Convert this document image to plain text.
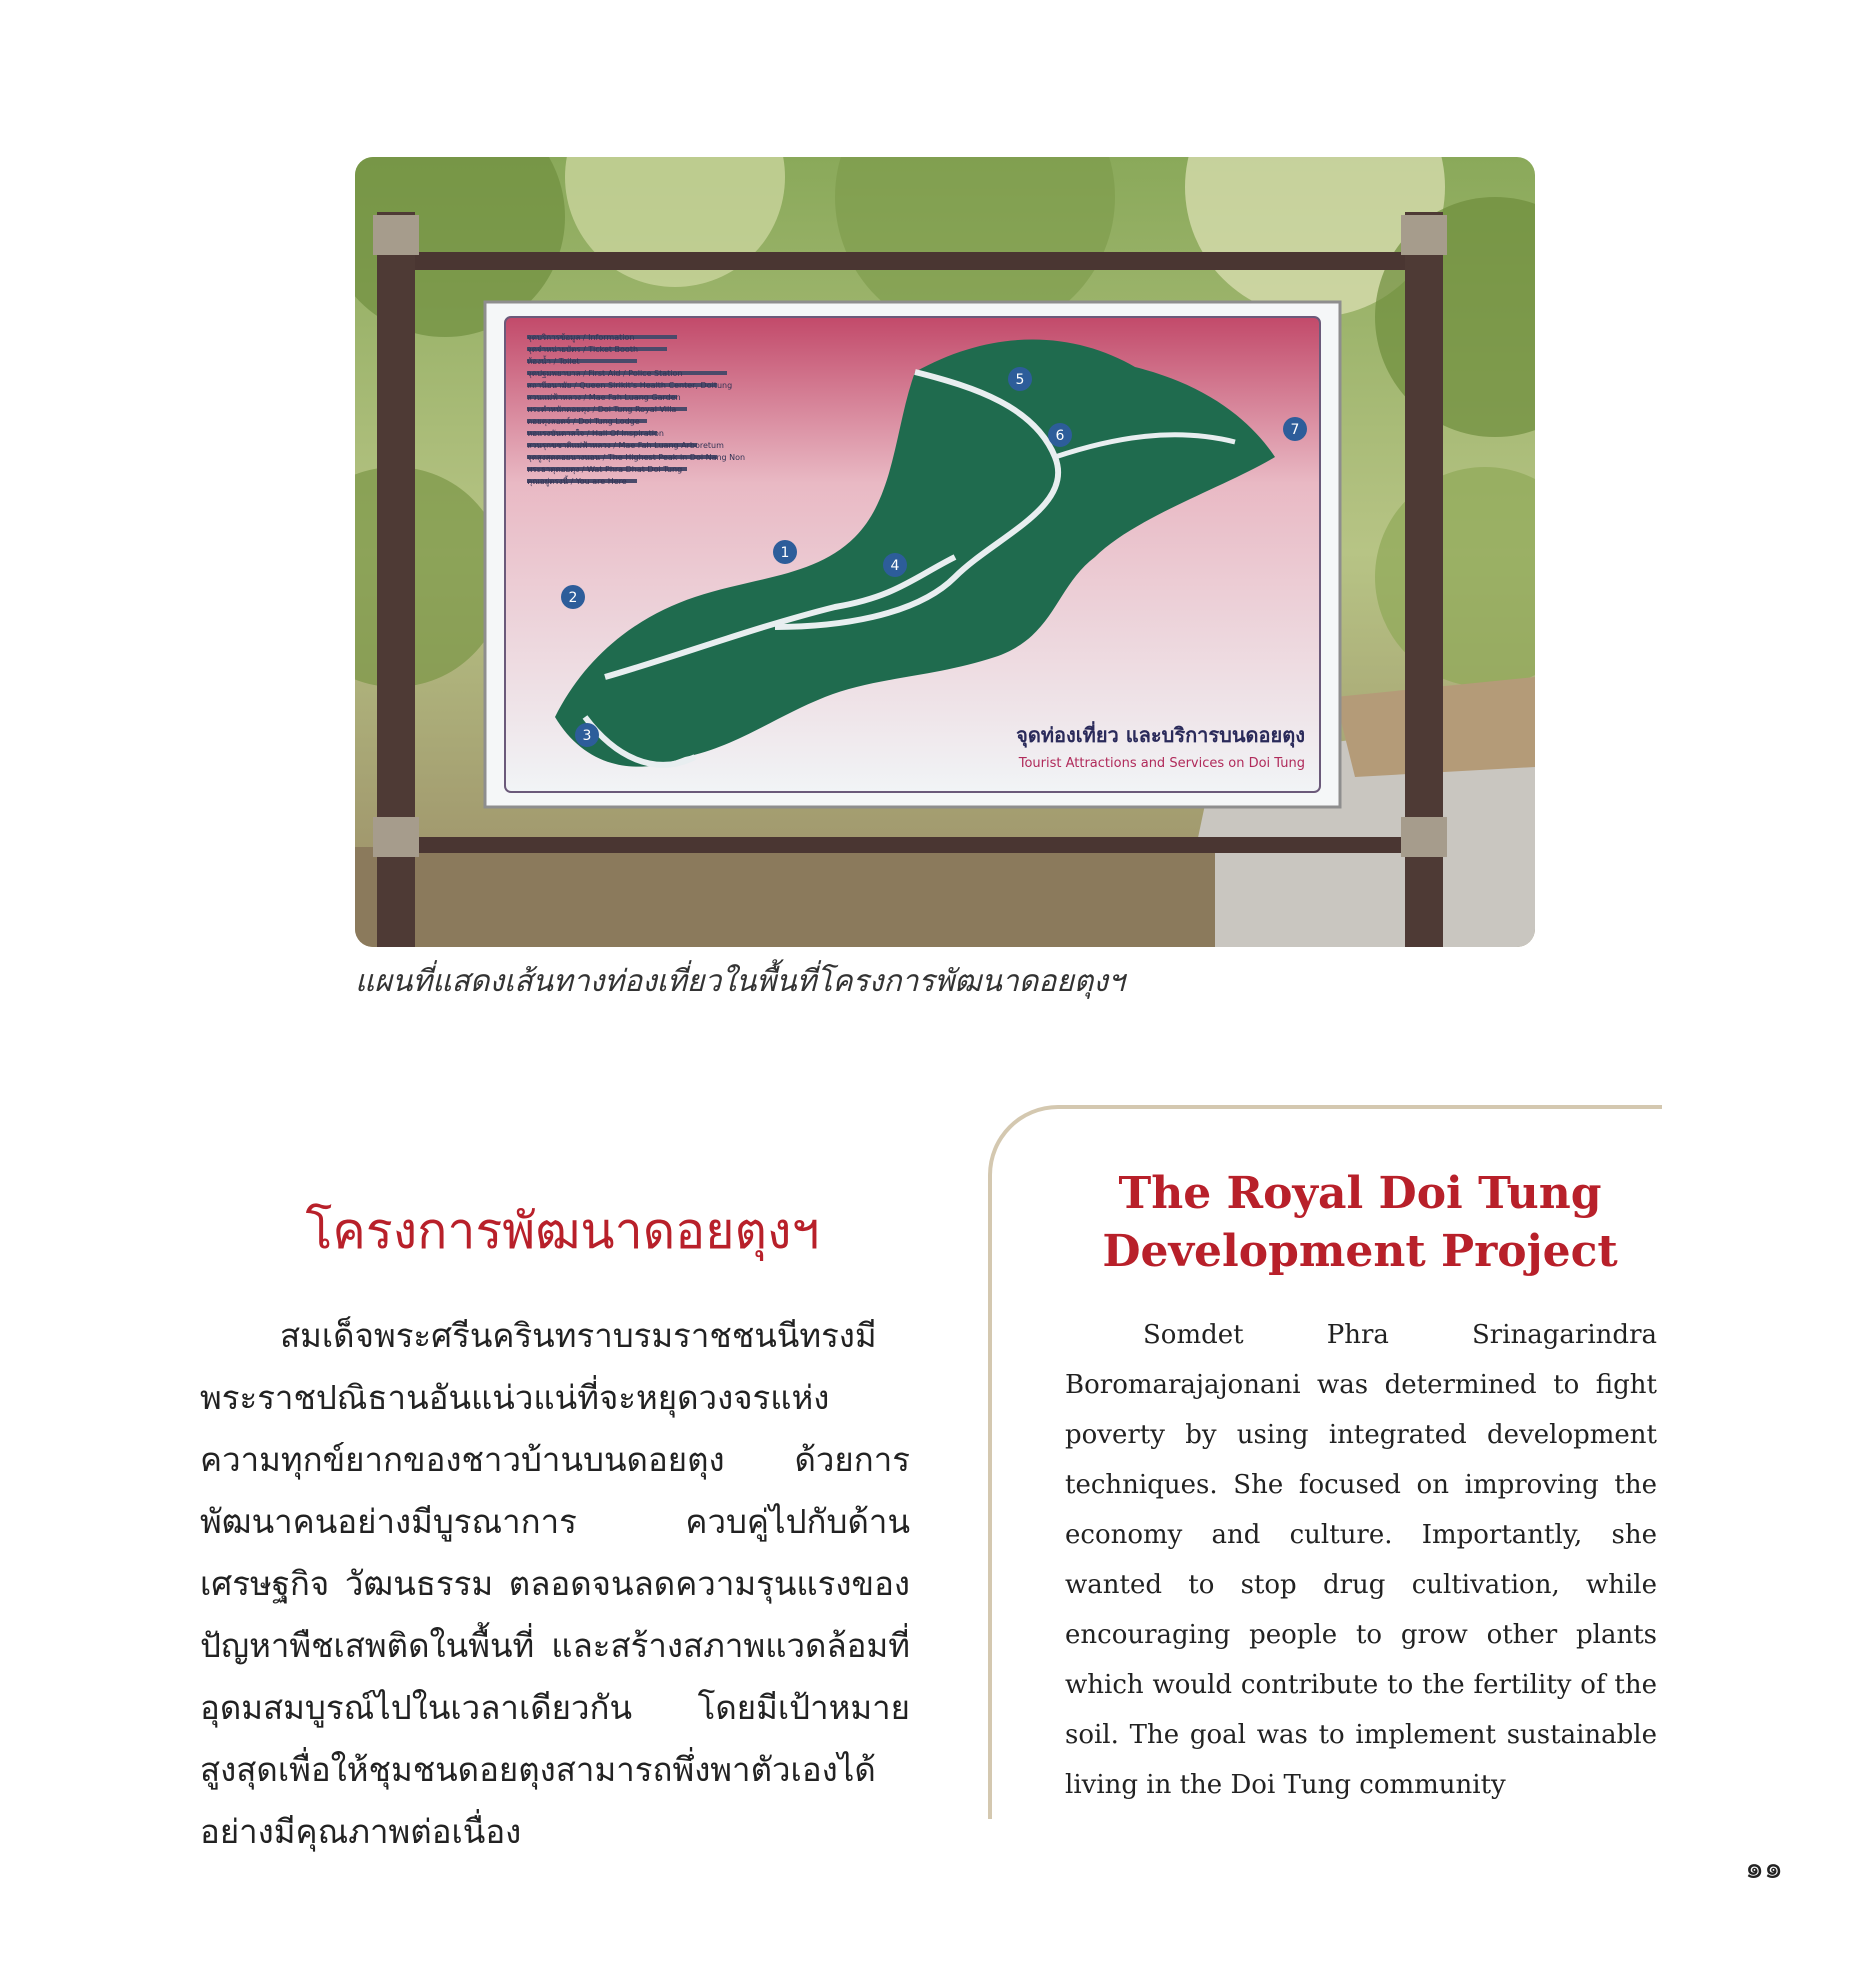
1
2
3
4
5
6	7
จุดท่องเที่ยว และบริการบนดอยตุง
Tourist Attractions and Services on Doi Tung
จุดบริการข้อมูล / Information
จุดจำหน่ายบัตร / Ticket Booth
ห้องน้ำ / Toilet
จุดปฐมพยาบาล / First Aid / Police Station
สถานีอนามัย / Queen Sirikit's Health Center, Doitung
สวนแม่ฟ้าหลวง / Mae Fah Luang Garden
พระตำหนักดอยตุง / Doi Tung Royal Villa
ดอยตุงลอดจ์ / Doi Tung Lodge
หอแรงบันดาลใจ / Hall Of Inspiration
สวนรุกขชาติแม่ฟ้าหลวง / Mae Fah Luang Arboretum
จุดสูงสุดดอยนางนอน / The Highest Peak in Doi Nang Non
พระธาตุดอยตุง / Wat Phra Dhat Doi Tung
คุณอยู่ตรงนี้ / You are Here
แผนที่แสดงเส้นทางท่องเที่ยวในพื้นที่โครงการพัฒนาดอยตุงฯ
โครงการพัฒนาดอยตุงฯ

สมเด็จพระศรีนครินทราบรมราชชนนีทรงมีพระราชปณิธานอันแน่วแน่ที่จะหยุดวงจรแห่งความทุกข์ยากของชาวบ้านบนดอยตุง ด้วยการพัฒนาคนอย่างมีบูรณาการ ควบคู่ไปกับด้านเศรษฐกิจ วัฒนธรรม ตลอดจนลดความรุนแรงของปัญหาพืชเสพติดในพื้นที่ และสร้างสภาพแวดล้อมที่อุดมสมบูรณ์ไปในเวลาเดียวกัน โดยมีเป้าหมายสูงสุดเพื่อให้ชุมชนดอยตุงสามารถพึ่งพาตัวเองได้อย่างมีคุณภาพต่อเนื่อง

The Royal Doi Tung
Development Project

Somdet Phra Srinagarindra Boromarajajonani was determined to fight poverty by using integrated development techniques. She focused on improving the economy and culture. Importantly, she wanted to stop drug cultivation, while encouraging people to grow other plants which would contribute to the fertility of the soil. The goal was to implement sustainable living in the Doi Tung community

๑๑
